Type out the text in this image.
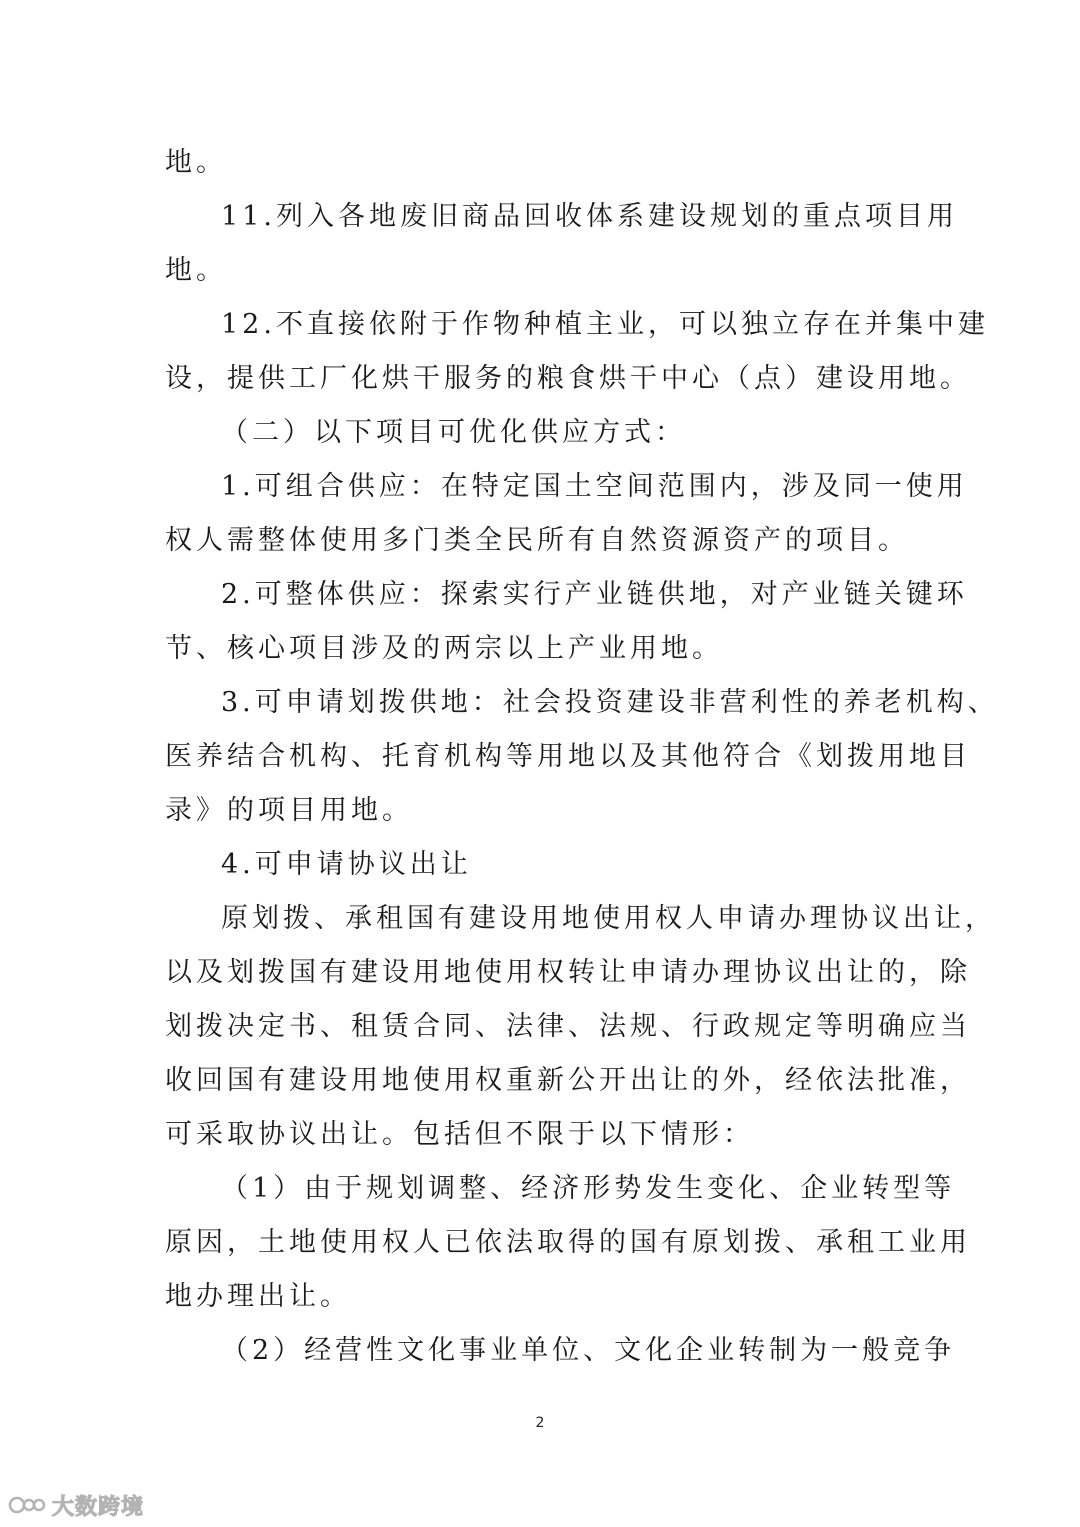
地。
11.列入各地废旧商品回收体系建设规划的重点项目用
地。
12.不直接依附于作物种植主业，可以独立存在并集中建
设，提供工厂化烘干服务的粮食烘干中心（点）建设用地。
（二）以下项目可优化供应方式：
1.可组合供应：在特定国土空间范围内，涉及同一使用
权人需整体使用多门类全民所有自然资源资产的项目。
2.可整体供应：探索实行产业链供地，对产业链关键环
节、核心项目涉及的两宗以上产业用地。
3.可申请划拨供地：社会投资建设非营利性的养老机构、
医养结合机构、托育机构等用地以及其他符合《划拨用地目
录》的项目用地。
4.可申请协议出让
原划拨、承租国有建设用地使用权人申请办理协议出让，
以及划拨国有建设用地使用权转让申请办理协议出让的，除
划拨决定书、租赁合同、法律、法规、行政规定等明确应当
收回国有建设用地使用权重新公开出让的外，经依法批准，
可采取协议出让。包括但不限于以下情形：
（1）由于规划调整、经济形势发生变化、企业转型等
原因，土地使用权人已依法取得的国有原划拨、承租工业用
地办理出让。
（2）经营性文化事业单位、文化企业转制为一般竞争
2
大数跨境
